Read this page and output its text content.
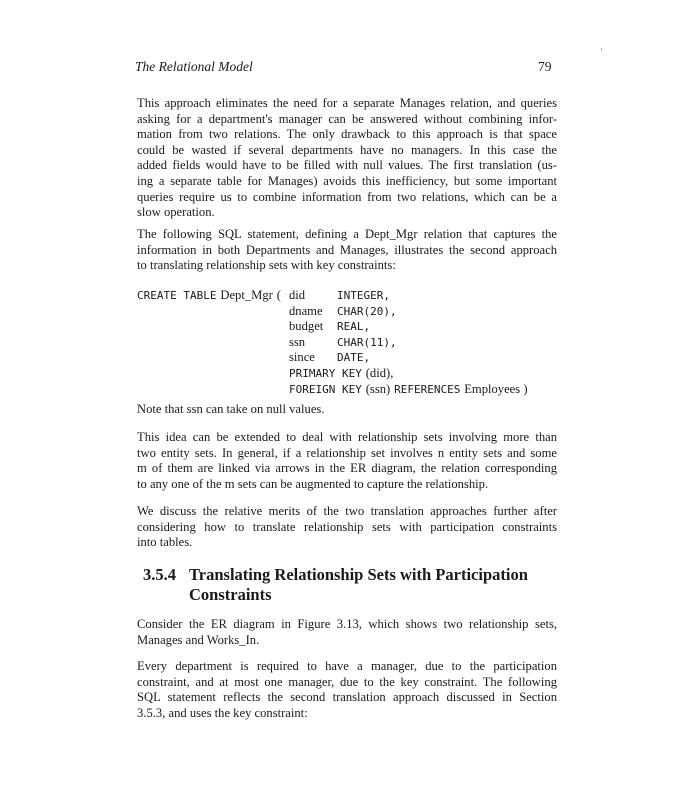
The Relational Model	79

This approach eliminates the need for a separate Manages relation, and queries
asking for a department's manager can be answered without combining infor-
mation from two relations. The only drawback to this approach is that space
could be wasted if several departments have no managers. In this case the
added fields would have to be filled with null values. The first translation (us-
ing a separate table for Manages) avoids this inefficiency, but some important
queries require us to combine information from two relations, which can be a
slow operation.

The following SQL statement, defining a Dept_Mgr relation that captures the
information in both Departments and Manages, illustrates the second approach
to translating relationship sets with key constraints:

CREATE TABLE Dept_Mgr ( did	INTEGER,
dname CHAR(20),
budget REAL,
ssn	CHAR(11),
since DATE,
PRIMARY KEY (did),
FOREIGN KEY (ssn) REFERENCES Employees )

Note that ssn can take on null values.

This idea can be extended to deal with relationship sets involving more than
two entity sets. In general, if a relationship set involves n entity sets and some
m of them are linked via arrows in the ER diagram, the relation corresponding
to any one of the m sets can be augmented to capture the relationship.

We discuss the relative merits of the two translation approaches further after
considering how to translate relationship sets with participation constraints
into tables.

3.5.4 Translating Relationship Sets with Participation
Constraints

Consider the ER diagram in Figure 3.13, which shows two relationship sets,
Manages and Works_In.

Every department is required to have a manager, due to the participation
constraint, and at most one manager, due to the key constraint. The following
SQL statement reflects the second translation approach discussed in Section
3.5.3, and uses the key constraint:
